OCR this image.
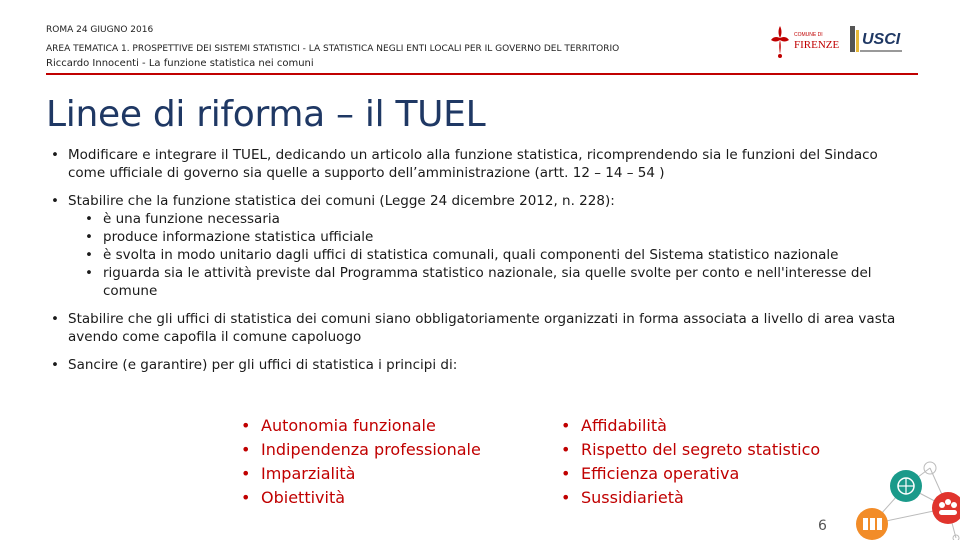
ROMA 24 GIUGNO 2016
AREA TEMATICA 1. PROSPETTIVE DEI SISTEMI STATISTICI - LA STATISTICA NEGLI ENTI LOCALI PER IL GOVERNO DEL TERRITORIO
Riccardo Innocenti - La funzione statistica nei comuni
COMUNE DI
FIRENZE USCI
Linee di riforma – il TUEL
• Modificare e integrare il TUEL, dedicando un articolo alla funzione statistica, ricomprendendo sia le funzioni del Sindaco come ufficiale di governo sia quelle a supporto dell’amministrazione (artt. 12 – 14 – 54 )
• Stabilire che la funzione statistica dei comuni (Legge 24 dicembre 2012, n. 228):
• è una funzione necessaria
• produce informazione statistica ufficiale
• è svolta in modo unitario dagli uffici di statistica comunali, quali componenti del Sistema statistico nazionale
• riguarda sia le attività previste dal Programma statistico nazionale, sia quelle svolte per conto e nell'interesse del comune
• Stabilire che gli uffici di statistica dei comuni siano obbligatoriamente organizzati in forma associata a livello di area vasta avendo come capofila il comune capoluogo
• Sancire (e garantire) per gli uffici di statistica i principi di:
• Autonomia funzionale
• Indipendenza professionale
• Imparzialità
• Obiettività
• Affidabilità
• Rispetto del segreto statistico
• Efficienza operativa
• Sussidiarietà
6
